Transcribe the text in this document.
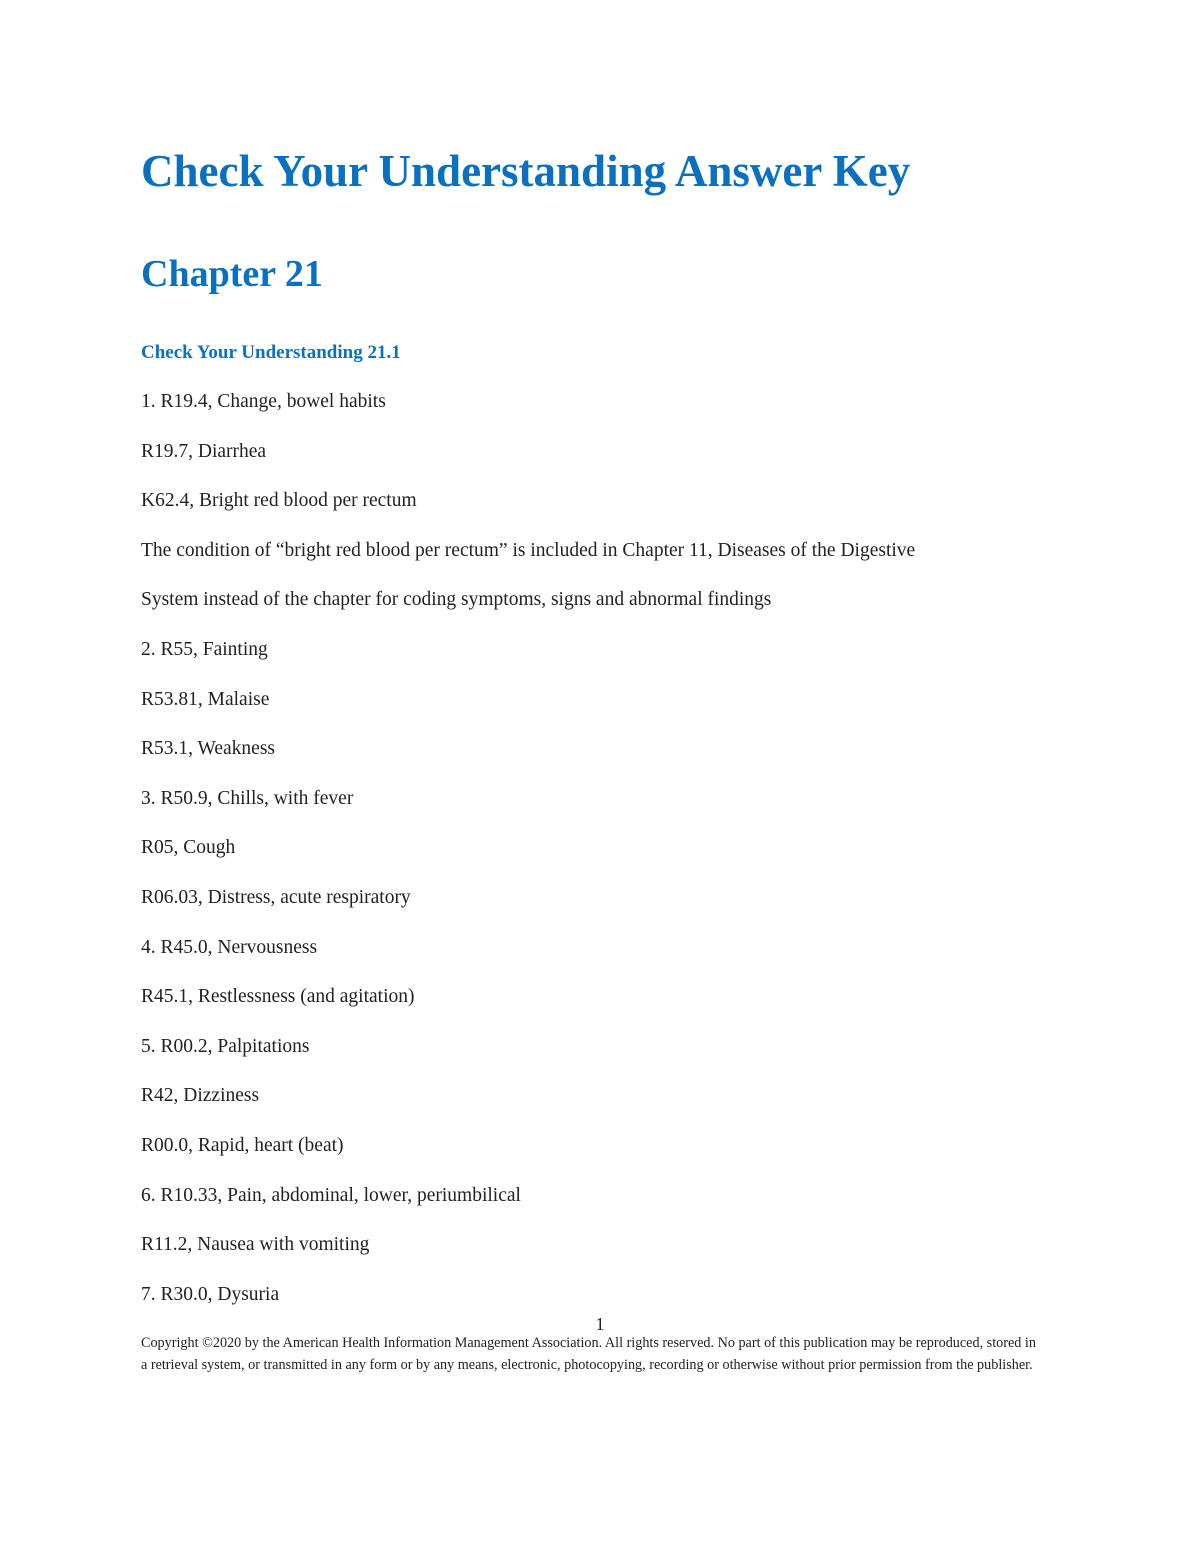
Check Your Understanding Answer Key
Chapter 21
Check Your Understanding 21.1
1. R19.4, Change, bowel habits
R19.7, Diarrhea
K62.4, Bright red blood per rectum
The condition of “bright red blood per rectum” is included in Chapter 11, Diseases of the Digestive
System instead of the chapter for coding symptoms, signs and abnormal findings
2. R55, Fainting
R53.81, Malaise
R53.1, Weakness
3. R50.9, Chills, with fever
R05, Cough
R06.03, Distress, acute respiratory
4. R45.0, Nervousness
R45.1, Restlessness (and agitation)
5. R00.2, Palpitations
R42, Dizziness
R00.0, Rapid, heart (beat)
6. R10.33, Pain, abdominal, lower, periumbilical
R11.2, Nausea with vomiting
7. R30.0, Dysuria
1

Copyright ©2020 by the American Health Information Management Association. All rights reserved. No part of this publication may be reproduced, stored in a retrieval system, or transmitted in any form or by any means, electronic, photocopying, recording or otherwise without prior permission from the publisher.
